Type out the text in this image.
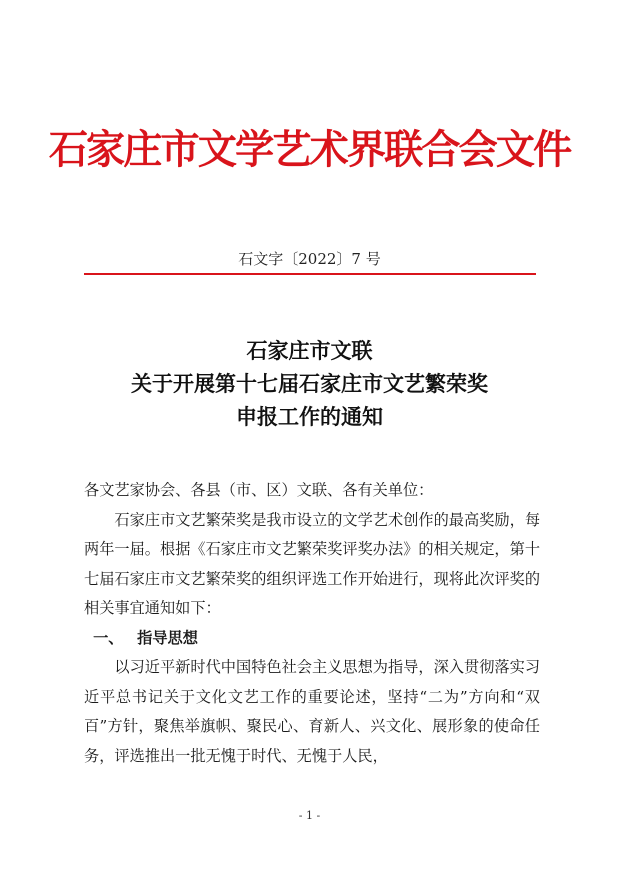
石家庄市文学艺术界联合会文件
石文字〔2022〕7 号
石家庄市文联
关于开展第十七届石家庄市文艺繁荣奖
申报工作的通知

各文艺家协会、各县（市、区）文联、各有关单位：

石家庄市文艺繁荣奖是我市设立的文学艺术创作的最高奖励，每两年一届。根据《石家庄市文艺繁荣奖评奖办法》的相关规定，第十七届石家庄市文艺繁荣奖的组织评选工作开始进行，现将此次评奖的相关事宜通知如下：

一、 指导思想

以习近平新时代中国特色社会主义思想为指导，深入贯彻落实习近平总书记关于文化文艺工作的重要论述，坚持“二为”方向和“双百”方针，聚焦举旗帜、聚民心、育新人、兴文化、展形象的使命任务，评选推出一批无愧于时代、无愧于人民，

- 1 -
